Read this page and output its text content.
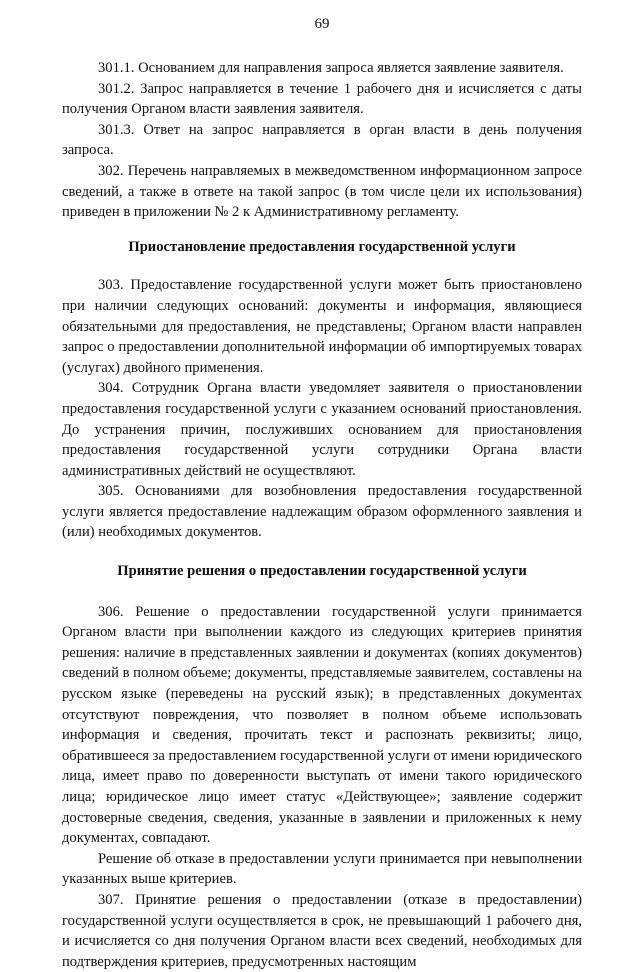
69

301.1. Основанием для направления запроса является заявление заявителя.

301.2. Запрос направляется в течение 1 рабочего дня и исчисляется с даты получения Органом власти заявления заявителя.

301.3. Ответ на запрос направляется в орган власти в день получения запроса.

302. Перечень направляемых в межведомственном информационном запросе сведений, а также в ответе на такой запрос (в том числе цели их использования) приведен в приложении № 2 к Административному регламенту.

Приостановление предоставления государственной услуги

303. Предоставление государственной услуги может быть приостановлено при наличии следующих оснований: документы и информация, являющиеся обязательными для предоставления, не представлены; Органом власти направлен запрос о предоставлении дополнительной информации об импортируемых товарах (услугах) двойного применения.

304. Сотрудник Органа власти уведомляет заявителя о приостановлении предоставления государственной услуги с указанием оснований приостановления. До устранения причин, послуживших основанием для приостановления предоставления государственной услуги сотрудники Органа власти административных действий не осуществляют.

305. Основаниями для возобновления предоставления государственной услуги является предоставление надлежащим образом оформленного заявления и (или) необходимых документов.

Принятие решения о предоставлении государственной услуги

306. Решение о предоставлении государственной услуги принимается Органом власти при выполнении каждого из следующих критериев принятия решения: наличие в представленных заявлении и документах (копиях документов) сведений в полном объеме; документы, представляемые заявителем, составлены на русском языке (переведены на русский язык); в представленных документах отсутствуют повреждения, что позволяет в полном объеме использовать информация и сведения, прочитать текст и распознать реквизиты; лицо, обратившееся за предоставлением государственной услуги от имени юридического лица, имеет право по доверенности выступать от имени такого юридического лица; юридическое лицо имеет статус «Действующее»; заявление содержит достоверные сведения, сведения, указанные в заявлении и приложенных к нему документах, совпадают.

Решение об отказе в предоставлении услуги принимается при невыполнении указанных выше критериев.

307. Принятие решения о предоставлении (отказе в предоставлении) государственной услуги осуществляется в срок, не превышающий 1 рабочего дня, и исчисляется со дня получения Органом власти всех сведений, необходимых для подтверждения критериев, предусмотренных настоящим
